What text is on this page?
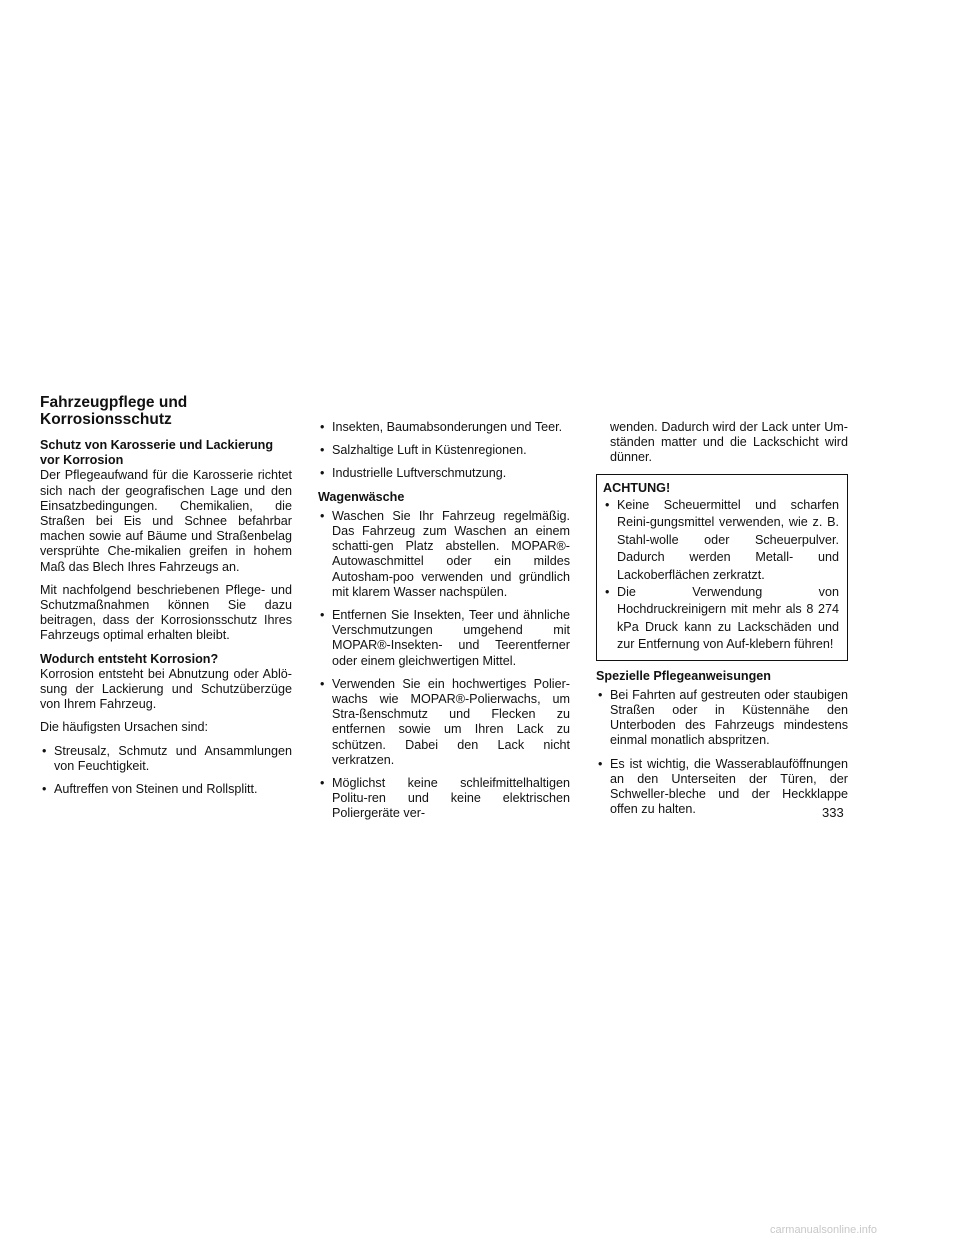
Fahrzeugpflege und Korrosionsschutz
Schutz von Karosserie und Lackierung vor Korrosion

Der Pflegeaufwand für die Karosserie richtet sich nach der geografischen Lage und den Einsatzbedingungen. Chemikalien, die Straßen bei Eis und Schnee befahrbar machen sowie auf Bäume und Straßenbelag versprühte Che-mikalien greifen in hohem Maß das Blech Ihres Fahrzeugs an.

Mit nachfolgend beschriebenen Pflege- und Schutzmaßnahmen können Sie dazu beitragen, dass der Korrosionsschutz Ihres Fahrzeugs optimal erhalten bleibt.

Wodurch entsteht Korrosion?

Korrosion entsteht bei Abnutzung oder Ablö-sung der Lackierung und Schutzüberzüge von Ihrem Fahrzeug.

Die häufigsten Ursachen sind:

• Streusalz, Schmutz und Ansammlungen von Feuchtigkeit.
• Auftreffen von Steinen und Rollsplitt.
• Insekten, Baumabsonderungen und Teer.
• Salzhaltige Luft in Küstenregionen.
• Industrielle Luftverschmutzung.
Wagenwäsche
• Waschen Sie Ihr Fahrzeug regelmäßig. Das Fahrzeug zum Waschen an einem schatti-gen Platz abstellen. MOPAR®-Autowaschmittel oder ein mildes Autosham-poo verwenden und gründlich mit klarem Wasser nachspülen.
• Entfernen Sie Insekten, Teer und ähnliche Verschmutzungen umgehend mit MOPAR®-Insekten- und Teerentferner oder einem gleichwertigen Mittel.
• Verwenden Sie ein hochwertiges Polier-wachs wie MOPAR®-Polierwachs, um Stra-ßenschmutz und Flecken zu entfernen sowie um Ihren Lack zu schützen. Dabei den Lack nicht verkratzen.
• Möglichst keine schleifmittelhaltigen Politu-ren und keine elektrischen Poliergeräte ver-
wenden. Dadurch wird der Lack unter Um-ständen matter und die Lackschicht wird dünner.
ACHTUNG!
• Keine Scheuermittel und scharfen Reini-gungsmittel verwenden, wie z. B. Stahl-wolle oder Scheuerpulver. Dadurch werden Metall- und Lackoberflächen zerkratzt.
• Die Verwendung von Hochdruckreinigern mit mehr als 8 274 kPa Druck kann zu Lackschäden und zur Entfernung von Auf-klebern führen!
Spezielle Pflegeanweisungen
• Bei Fahrten auf gestreuten oder staubigen Straßen oder in Küstennähe den Unterboden des Fahrzeugs mindestens einmal monatlich abspritzen.
• Es ist wichtig, die Wasserablauföffnungen an den Unterseiten der Türen, der Schweller-bleche und der Heckklappe offen zu halten.	333
carmanualsonline.info
